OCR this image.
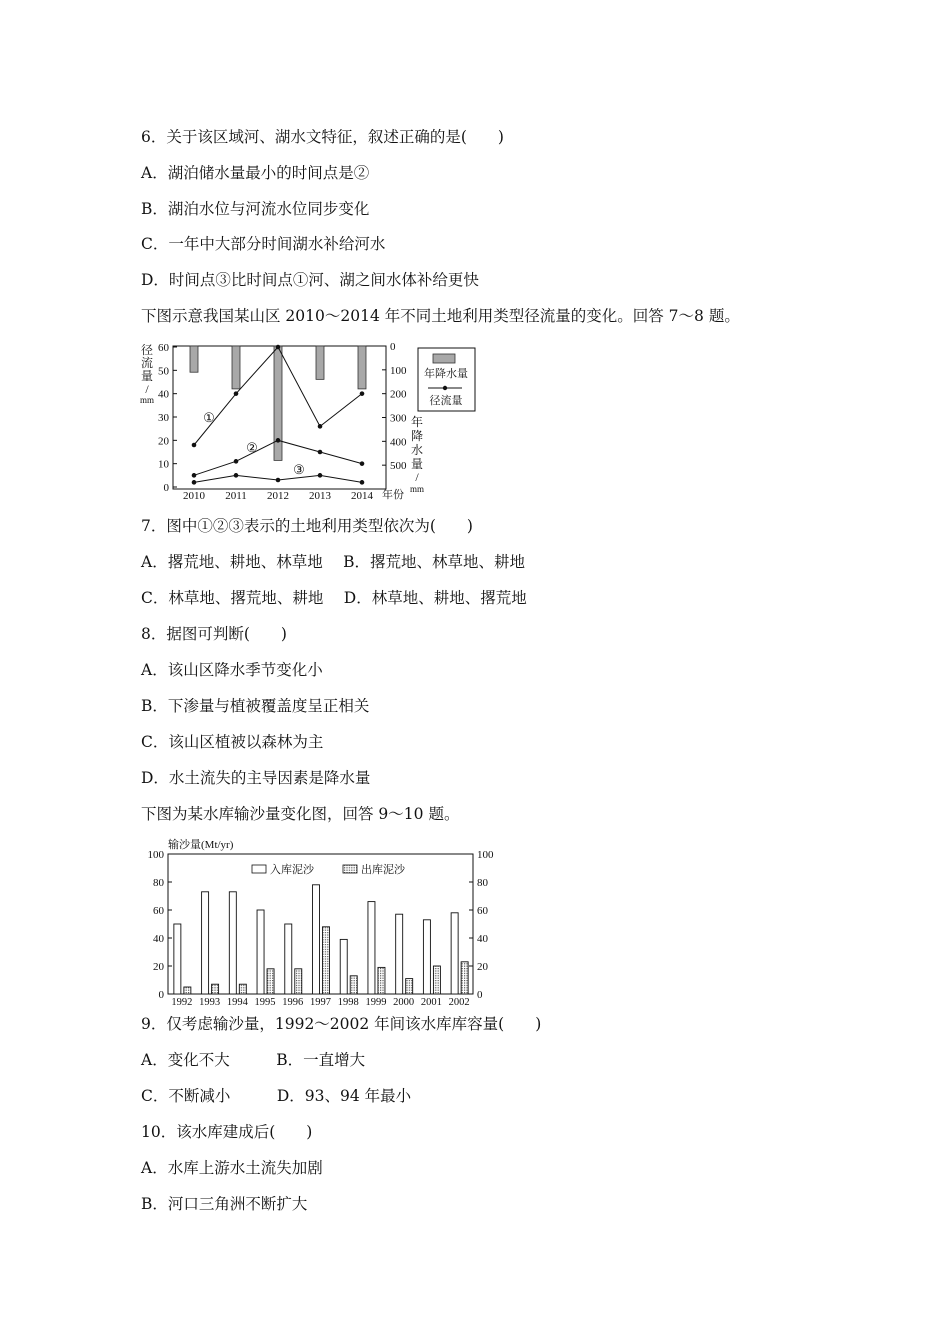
6．关于该区域河、湖水文特征，叙述正确的是(　　)
A．湖泊储水量最小的时间点是②
B．湖泊水位与河流水位同步变化
C．一年中大部分时间湖水补给河水
D．时间点③比时间点①河、湖之间水体补给更快
下图示意我国某山区 2010～2014 年不同土地利用类型径流量的变化。回答 7～8 题。
径
流
量
/
mm
年
降
水
量
/
mm
0
10
20
30
40
50
60	0
100
200
300
400
500
2010 2011 2012 2013 2014 年份
①
②
③
年降水量
径流量
7．图中①②③表示的土地利用类型依次为(　　)
A．撂荒地、耕地、林草地　 B．撂荒地、林草地、耕地
C．林草地、撂荒地、耕地　 D．林草地、耕地、撂荒地
8．据图可判断(　　)
A．该山区降水季节变化小
B．下渗量与植被覆盖度呈正相关
C．该山区植被以森林为主
D．水土流失的主导因素是降水量
下图为某水库输沙量变化图，回答 9～10 题。
输沙量(Mt/yr)
0
20
40
60
80
100
0
20
40
60
80
100
1992 1993 1994 1995 1996 1997 1998 1999 2000 2001 2002
入库泥沙	出库泥沙
9．仅考虑输沙量，1992～2002 年间该水库库容量(　　)
A．变化不大　　　B．一直增大
C．不断减小　　　D．93、94 年最小
10．该水库建成后(　　)
A．水库上游水土流失加剧
B．河口三角洲不断扩大
